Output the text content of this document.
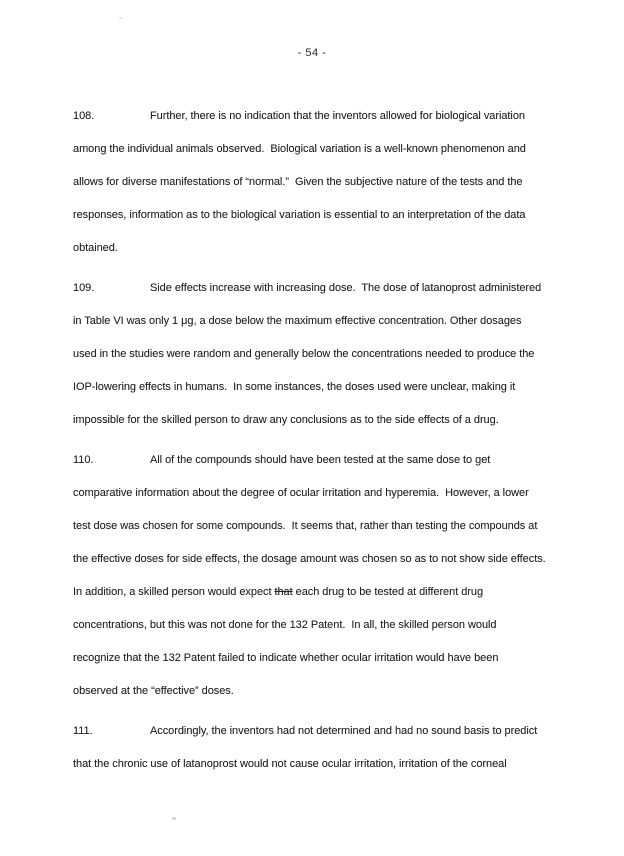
- 54 -
108.	Further, there is no indication that the inventors allowed for biological variation
among the individual animals observed.  Biological variation is a well-known phenomenon and
allows for diverse manifestations of “normal.”  Given the subjective nature of the tests and the
responses, information as to the biological variation is essential to an interpretation of the data
obtained.
109.	Side effects increase with increasing dose.  The dose of latanoprost administered
in Table VI was only 1 μg, a dose below the maximum effective concentration. Other dosages
used in the studies were random and generally below the concentrations needed to produce the
IOP-lowering effects in humans.  In some instances, the doses used were unclear, making it
impossible for the skilled person to draw any conclusions as to the side effects of a drug.
110.	All of the compounds should have been tested at the same dose to get
comparative information about the degree of ocular irritation and hyperemia.  However, a lower
test dose was chosen for some compounds.  It seems that, rather than testing the compounds at
the effective doses for side effects, the dosage amount was chosen so as to not show side effects.
In addition, a skilled person would expect that each drug to be tested at different drug
concentrations, but this was not done for the 132 Patent.  In all, the skilled person would
recognize that the 132 Patent failed to indicate whether ocular irritation would have been
observed at the “effective” doses.
111.	Accordingly, the inventors had not determined and had no sound basis to predict
that the chronic use of latanoprost would not cause ocular irritation, irritation of the corneal
